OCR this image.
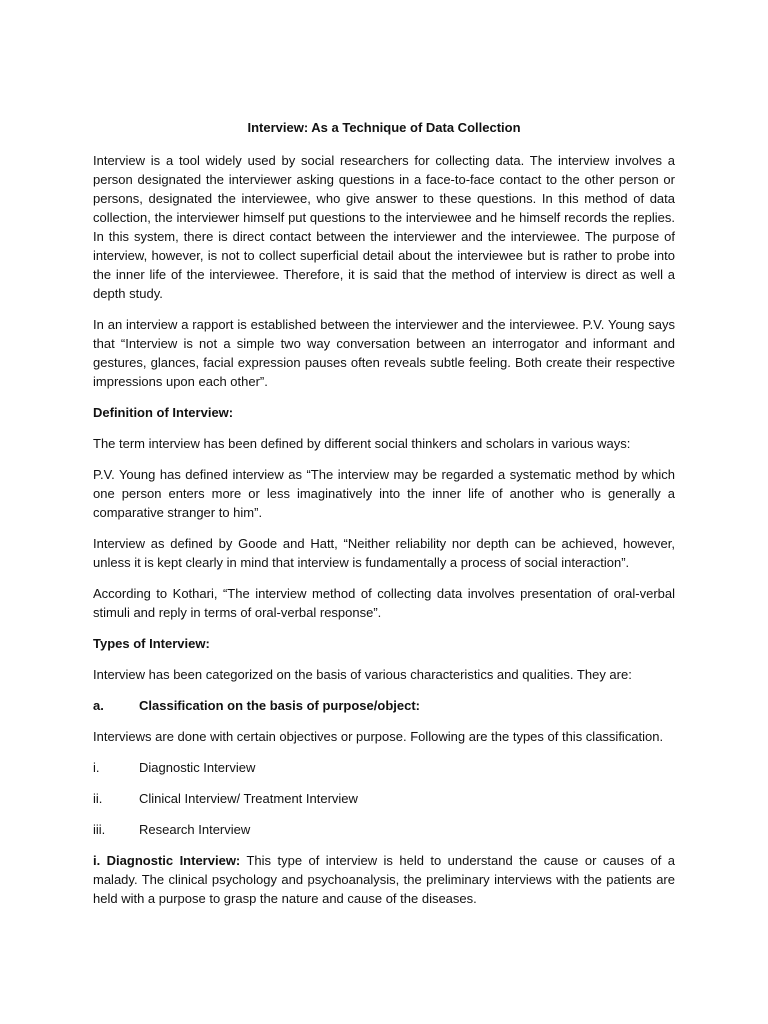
Interview: As a Technique of Data Collection

Interview is a tool widely used by social researchers for collecting data. The interview involves a person designated the interviewer asking questions in a face-to-face contact to the other person or persons, designated the interviewee, who give answer to these questions. In this method of data collection, the interviewer himself put questions to the interviewee and he himself records the replies. In this system, there is direct contact between the interviewer and the interviewee. The purpose of interview, however, is not to collect superficial detail about the interviewee but is rather to probe into the inner life of the interviewee. Therefore, it is said that the method of interview is direct as well a depth study.

In an interview a rapport is established between the interviewer and the interviewee. P.V. Young says that “Interview is not a simple two way conversation between an interrogator and informant and gestures, glances, facial expression pauses often reveals subtle feeling. Both create their respective impressions upon each other”.

Definition of Interview:

The term interview has been defined by different social thinkers and scholars in various ways:

P.V. Young has defined interview as “The interview may be regarded a systematic method by which one person enters more or less imaginatively into the inner life of another who is generally a comparative stranger to him”.

Interview as defined by Goode and Hatt, “Neither reliability nor depth can be achieved, however, unless it is kept clearly in mind that interview is fundamentally a process of social interaction”.

According to Kothari, “The interview method of collecting data involves presentation of oral-verbal stimuli and reply in terms of oral-verbal response”.

Types of Interview:

Interview has been categorized on the basis of various characteristics and qualities. They are:

a.	Classification on the basis of purpose/object:

Interviews are done with certain objectives or purpose. Following are the types of this classification.

i.	Diagnostic Interview
ii.	Clinical Interview/ Treatment Interview
iii.	Research Interview

i. Diagnostic Interview: This type of interview is held to understand the cause or causes of a malady. The clinical psychology and psychoanalysis, the preliminary interviews with the patients are held with a purpose to grasp the nature and cause of the diseases.
